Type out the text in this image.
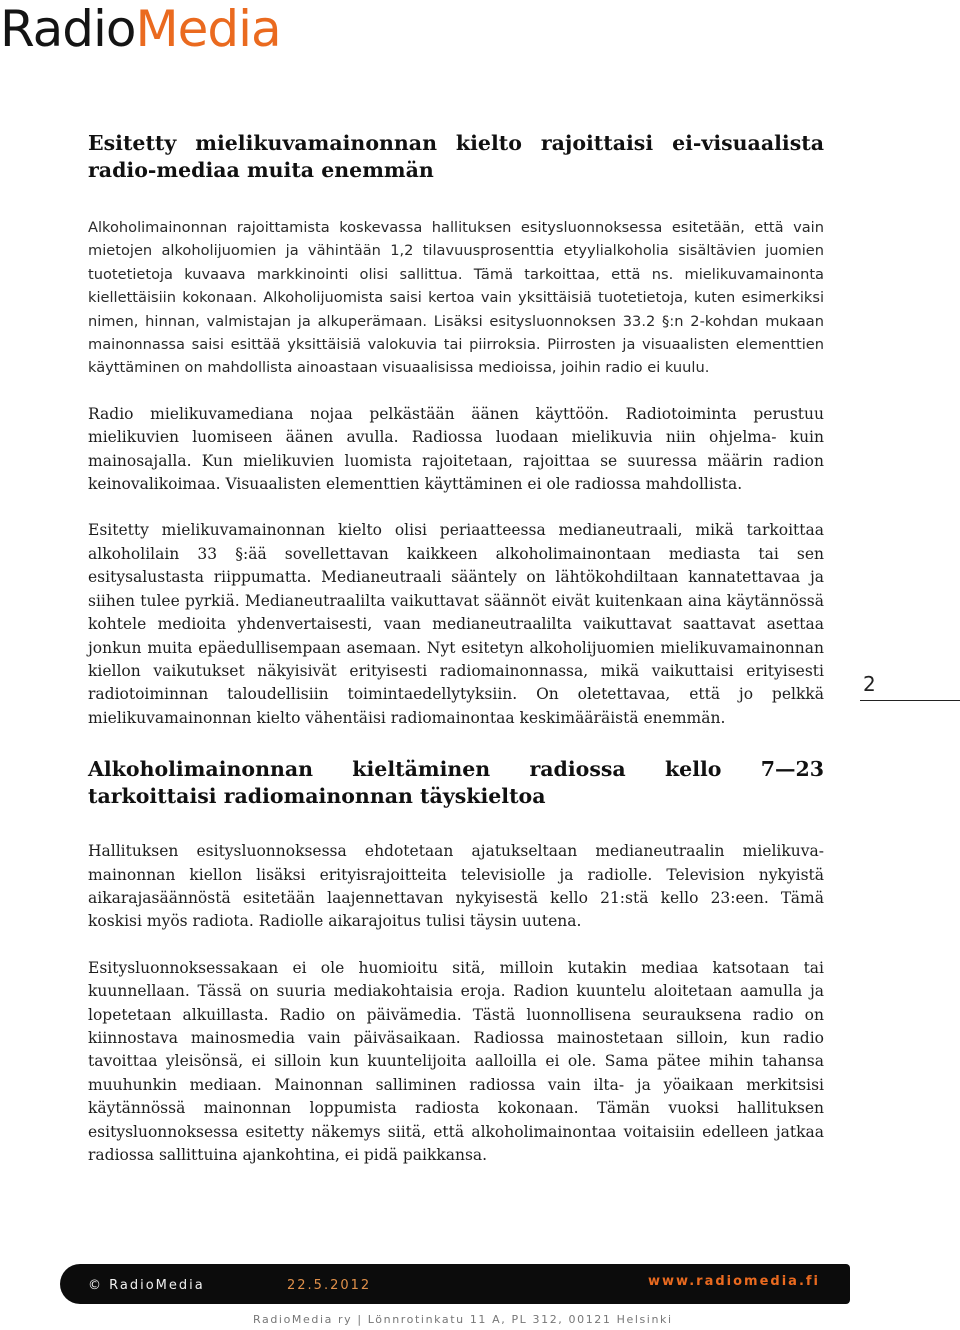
Radio Media
Esitetty mielikuvamainonnan kielto rajoittaisi ei-visuaalista radio-mediaa muita enemmän

Alkoholimainonnan rajoittamista koskevassa hallituksen esitysluonnoksessa esitetään, että vain mietojen alkoholijuomien ja vähintään 1,2 tilavuusprosenttia etyylialkoholia sisältävien juomien tuotetietoja kuvaava markkinointi olisi sallittua. Tämä tarkoittaa, että ns. mielikuvamainonta kiellettäisiin kokonaan. Alkoholijuomista saisi kertoa vain yksittäisiä tuotetietoja, kuten esimerkiksi nimen, hinnan, valmistajan ja alkuperämaan. Lisäksi esitysluonnoksen 33.2 §:n 2-kohdan mukaan mainonnassa saisi esittää yksittäisiä valokuvia tai piirroksia. Piirrosten ja visuaalisten elementtien käyttäminen on mahdollista ainoastaan visuaalisissa medioissa, joihin radio ei kuulu.

Radio mielikuvamediana nojaa pelkästään äänen käyttöön. Radiotoiminta perustuu mielikuvien luomiseen äänen avulla. Radiossa luodaan mielikuvia niin ohjelma- kuin mainosajalla. Kun mielikuvien luomista rajoitetaan, rajoittaa se suuressa määrin radion keinovalikoimaa. Visuaalisten elementtien käyttäminen ei ole radiossa mahdollista.

Esitetty mielikuvamainonnan kielto olisi periaatteessa medianeutraali, mikä tarkoittaa alkoholilain 33 §:ää sovellettavan kaikkeen alkoholimainontaan mediasta tai sen esitysalustasta riippumatta. Medianeutraali sääntely on lähtökohdiltaan kannatettavaa ja siihen tulee pyrkiä. Medianeutraalilta vaikuttavat säännöt eivät kuitenkaan aina käytännössä kohtele medioita yhdenvertaisesti, vaan medianeutraalilta vaikuttavat saattavat asettaa jonkun muita epäedullisempaan asemaan. Nyt esitetyn alkoholijuomien mielikuvamainonnan kiellon vaikutukset näkyisivät erityisesti radiomainonnassa, mikä vaikuttaisi erityisesti radiotoiminnan taloudellisiin toimintaedellytyksiin. On oletettavaa, että jo pelkkä mielikuvamainonnan kielto vähentäisi radiomainontaa keskimääräistä enemmän.

Alkoholimainonnan kieltäminen radiossa kello 7—23 tarkoittaisi radiomainonnan täyskieltoa

Hallituksen esitysluonnoksessa ehdotetaan ajatukseltaan medianeutraalin mielikuva-mainonnan kiellon lisäksi erityisrajoitteita televisiolle ja radiolle. Television nykyistä aikarajasäännöstä esitetään laajennettavan nykyisestä kello 21:stä kello 23:een. Tämä koskisi myös radiota. Radiolle aikarajoitus tulisi täysin uutena.

Esitysluonnoksessakaan ei ole huomioitu sitä, milloin kutakin mediaa katsotaan tai kuunnellaan. Tässä on suuria mediakohtaisia eroja. Radion kuuntelu aloitetaan aamulla ja lopetetaan alkuillasta. Radio on päivämedia. Tästä luonnollisena seurauksena radio on kiinnostava mainosmedia vain päiväsaikaan. Radiossa mainostetaan silloin, kun radio tavoittaa yleisönsä, ei silloin kun kuuntelijoita aalloilla ei ole. Sama pätee mihin tahansa muuhunkin mediaan. Mainonnan salliminen radiossa vain ilta- ja yöaikaan merkitsisi käytännössä mainonnan loppumista radiosta kokonaan. Tämän vuoksi hallituksen esitysluonnoksessa esitetty näkemys siitä, että alkoholimainontaa voitaisiin edelleen jatkaa radiossa sallittuina ajankohtina, ei pidä paikkansa.

2
© RadioMedia	22.5.2012	www.radiomedia.fi
RadioMedia ry | Lönnrotinkatu 11 A, PL 312, 00121 Helsinki
